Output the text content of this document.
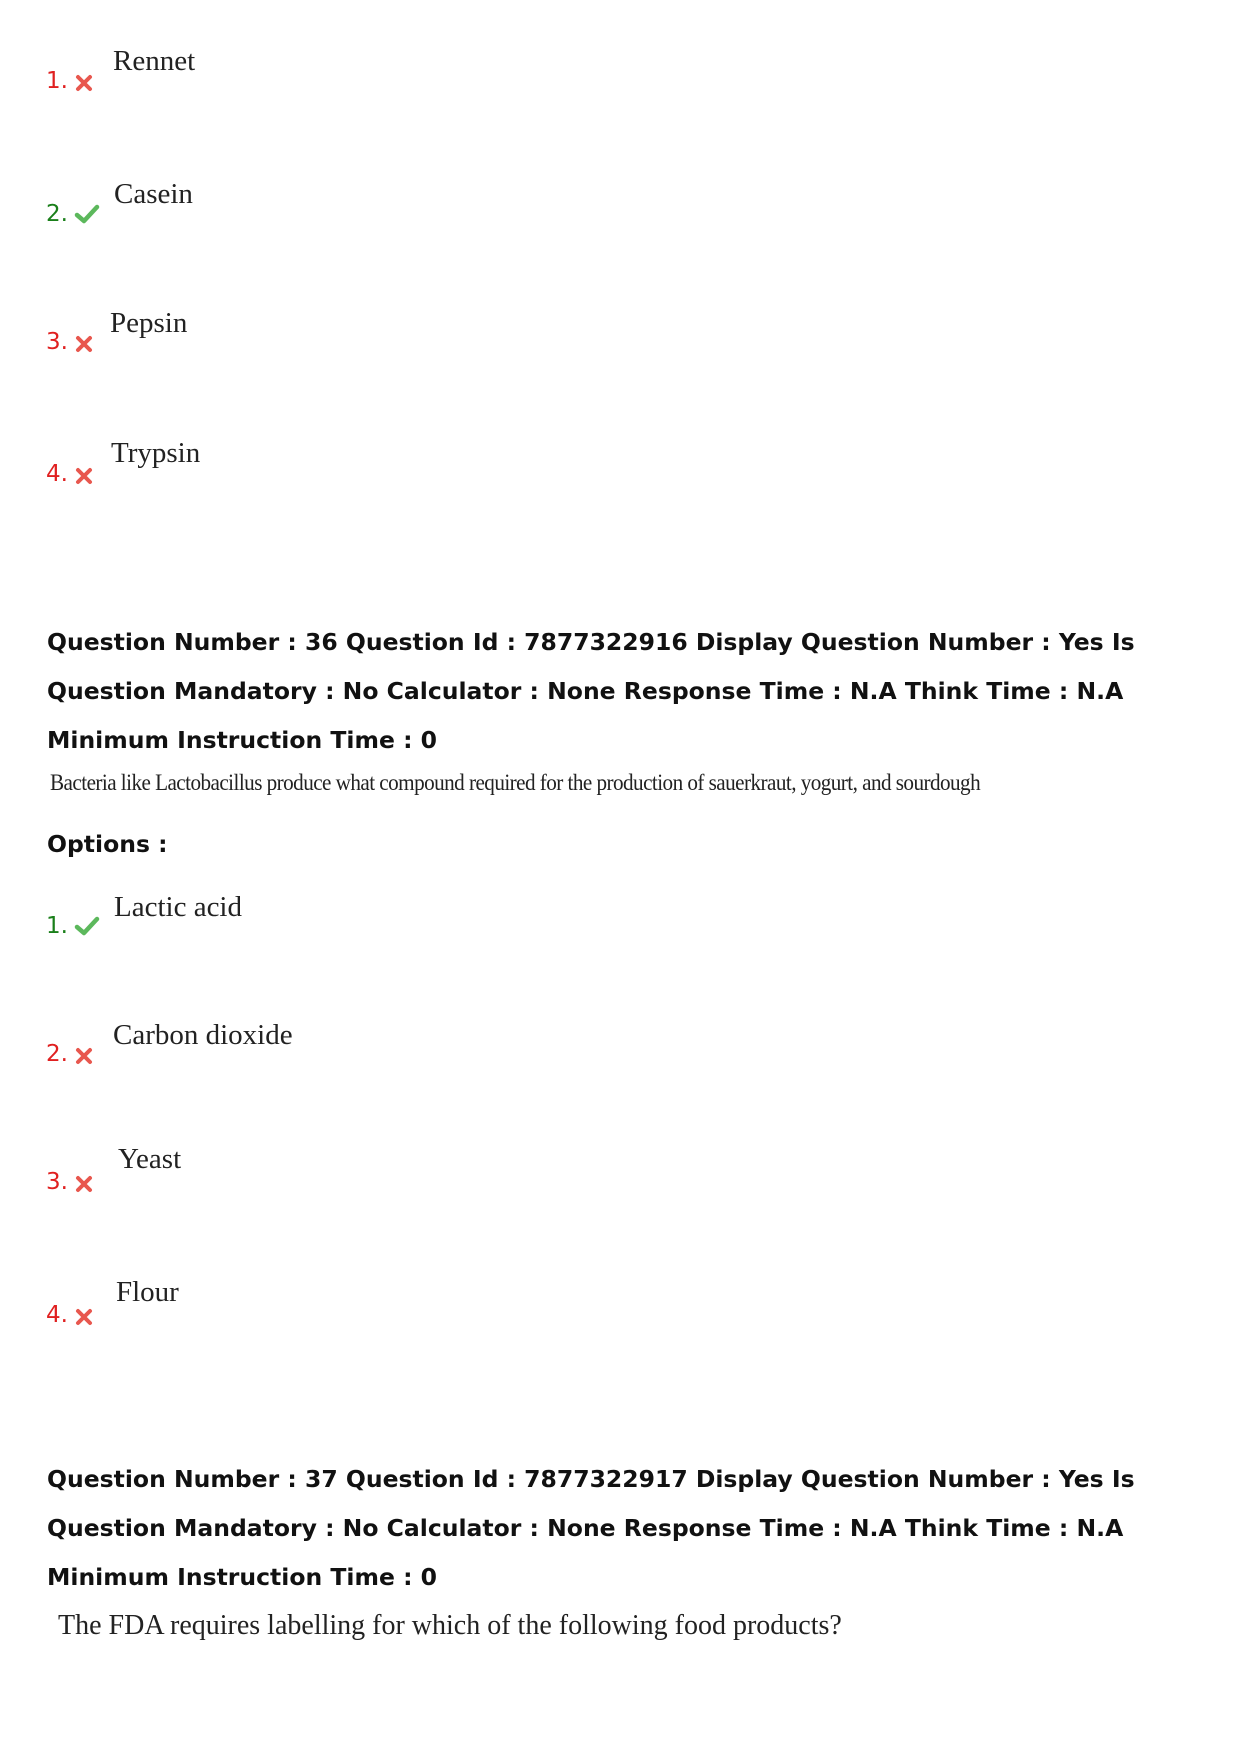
1.
Rennet
2.
Casein
3.
Pepsin
4.
Trypsin
Question Number : 36 Question Id : 7877322916 Display Question Number : Yes Is Question Mandatory : No Calculator : None Response Time : N.A Think Time : N.A Minimum Instruction Time : 0
Bacteria like Lactobacillus produce what compound required for the production of sauerkraut, yogurt, and sourdough
Options :
1.
Lactic acid
2.
Carbon dioxide
3.
Yeast
4.
Flour
Question Number : 37 Question Id : 7877322917 Display Question Number : Yes Is Question Mandatory : No Calculator : None Response Time : N.A Think Time : N.A Minimum Instruction Time : 0
The FDA requires labelling for which of the following food products?
